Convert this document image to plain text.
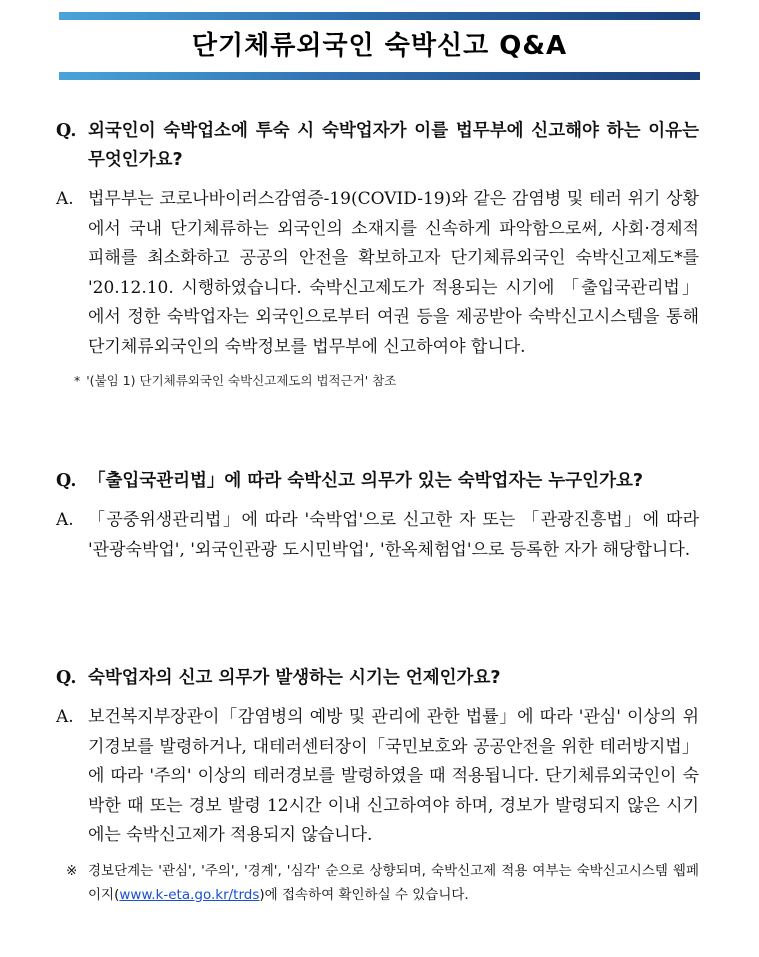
단기체류외국인 숙박신고 Q&A
Q. 외국인이 숙박업소에 투숙 시 숙박업자가 이를 법무부에 신고해야 하는 이유는 무엇인가요?
A. 법무부는 코로나바이러스감염증-19(COVID-19)와 같은 감염병 및 테러 위기 상황에서 국내 단기체류하는 외국인의 소재지를 신속하게 파악함으로써, 사회·경제적 피해를 최소화하고 공공의 안전을 확보하고자 단기체류외국인 숙박신고제도*를 '20.12.10. 시행하였습니다. 숙박신고제도가 적용되는 시기에 「출입국관리법」에서 정한 숙박업자는 외국인으로부터 여권 등을 제공받아 숙박신고시스템을 통해 단기체류외국인의 숙박정보를 법무부에 신고하여야 합니다.
* '(붙임 1) 단기체류외국인 숙박신고제도의 법적근거' 참조
Q. 「출입국관리법」에 따라 숙박신고 의무가 있는 숙박업자는 누구인가요?
A. 「공중위생관리법」에 따라 '숙박업'으로 신고한 자 또는 「관광진흥법」에 따라 '관광숙박업', '외국인관광 도시민박업', '한옥체험업'으로 등록한 자가 해당합니다.
Q. 숙박업자의 신고 의무가 발생하는 시기는 언제인가요?
A. 보건복지부장관이「감염병의 예방 및 관리에 관한 법률」에 따라 '관심' 이상의 위기경보를 발령하거나, 대테러센터장이「국민보호와 공공안전을 위한 테러방지법」에 따라 '주의' 이상의 테러경보를 발령하였을 때 적용됩니다. 단기체류외국인이 숙박한 때 또는 경보 발령 12시간 이내 신고하여야 하며, 경보가 발령되지 않은 시기에는 숙박신고제가 적용되지 않습니다.
※ 경보단계는 '관심', '주의', '경계', '심각' 순으로 상향되며, 숙박신고제 적용 여부는 숙박신고시스템 웹페이지(www.k-eta.go.kr/trds)에 접속하여 확인하실 수 있습니다.
